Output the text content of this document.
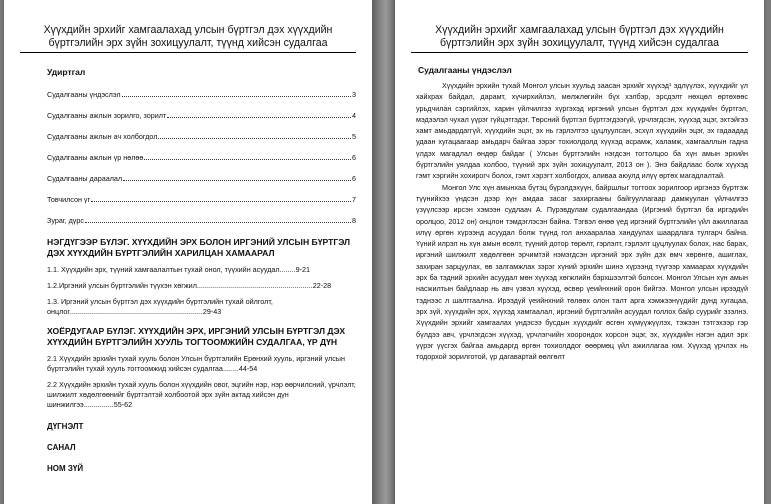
Хүүхдийн эрхийг хамгаалахад улсын бүртгэл дэх хүүхдийн
бүртгэлийн эрх зүйн зохицуулалт, түүнд хийсэн судалгаа
Удиртгал
Судалгааны үндэслэл	3
Судалгааны ажлын зорилго, зорилт	4
Судалгааны ажлын ач холбогдол	5
Судалгааны ажлын үр нөлөө	6
Судалгааны дараалал	6
Товчилсон үг	7
Зураг, дүрс	8
НЭГДҮГЭЭР БҮЛЭГ. ХҮҮХДИЙН ЭРХ БОЛОН ИРГЭНИЙ УЛСЫН БҮРТГЭЛ ДЭХ ХҮҮХДИЙН БҮРТГЭЛИЙН ХАРИЛЦАН ХАМААРАЛ
1.1. Хүүхдийн эрх, түүний хамгаалалтын тухай онол, түүхийн асуудал........9-21
1.2.Иргэний улсын бүртгэлийн түүхэн хөгжил..........................................................22-28
1.3. Иргэний улсын бүртгэл дэх хүүхдийн бүртгэлийн тухай ойлголт, онцлог...................................................................29-43
ХОЁРДУГААР БҮЛЭГ. ХҮҮХДИЙН ЭРХ, ИРГЭНИЙ УЛСЫН БҮРТГЭЛ ДЭХ ХҮҮХДИЙН БҮРТГЭЛИЙН ХУУЛЬ ТОГТООМЖИЙН СУДАЛГАА, ҮР ДҮН
2.1 Хүүхдийн эрхийн тухай хууль болон Улсын бүртгэлийн Ерөнхий хууль, иргэний улсын бүртгэлийн тухай хууль тогтоомжид хийсэн судалгаа........44-54
2.2 Хүүхдийн эрхийн тухай хууль болон хүүхдийн овог, эцгийн нэр, нэр өөрчилсний, үрчлэлт, шилжилт хөдөлгөөнийг бүртгэлтэй холбоотой эрх зүйн актад хийсэн дүн шинжилгээ...............55-62
ДҮГНЭЛТ
САНАЛ
НОМ ЗҮЙ
Хүүхдийн эрхийг хамгаалахад улсын бүртгэл дэх хүүхдийн
бүртгэлийн эрх зүйн зохицуулалт, түүнд хийсэн судалгаа
Судалгааны үндэслэл

Хүүхдийн эрхийн тухай Монгол улсын хуульд заасан эрхийг хүүхэд¹ эдлүүлэх, хүүхдийг үл хайхрах байдал, дарамт, хүчирхийлэл, мөлжлөгийн бүх хэлбэр, эрсдэлт нөхцөл өртөхөөс урьдчилан сэргийлэх, харин үйлчилгээ хүргэхэд иргэний улсын бүртгэл дэх хүүхдийн бүртгэл, мэдээлэл чухал үүрэг гүйцэтгэдэг. Төрсний бүртгэл бүртгэгдээгүй, үрчлэгдсэн, хүүхэд эцэг, эхтэйгээ хамт амьдардаггүй, хүүхдийн эцэг, эх нь гэрлэлтээ цуцлуулсан, эсхүл хүүхдийн эцэг, эх гадаадад удаан хугацаагаар амьдарч байгаа зэрэг тохиолдолд хүүхэд асрамж, халамж, хамгааллын гадна үлдэх магадлал өндөр байдаг ( Улсын бүртгэлийн нэгдсэн тогтолцоо ба хүн амын эрхийн бүртгэлийн уялдаа холбоо, түүний эрх зүйн зохицуулалт, 2013 он ). Энэ байдлаас болж хүүхэд гэмт хэргийн хохирогч болох, гэмт хэрэгт холбогдох, аливаа аюулд илүү өртөх магадлалтай.

Монгол Улс хүн амынхаа бүтэц бүрэлдэхүүн, байршлыг тогтоох зорилгоор иргэнээ бүртгэж түүнийхээ үндсэн дээр хүн амдаа засаг захиргааны байгууллагаар дамжуулан үйлчилгээ үзүүлсээр ирсэн хэмээн судлаач А. Пүрэвдулам судалгаандаа (Иргэний бүртгэл ба иргэдийн оролцоо, 2012 он) онцлон тэмдэглэсэн байна. Тэгвэл өнөө үед иргэний бүртгэлийн үйл ажиллагаа илүү өргөн хүрээнд асуудал болж түүнд гол анхааралаа хандуулах шаардлага тулгарч байна. Үүний илрэл нь хүн амын өсөлт, түүний дотор төрөлт, гэрлэлт, гэрлэлт цуцлуулах болох, нас барах, иргэний шилжилт хөдөлгөөн эрчимтэй нэмэгдсэн иргэний эрх зүйн дэх өмч хөрөнгө, ашиглах, захиран зарцуулах, өв залгамжлах зэрэг хүний эрхийн шинэ хүрээнд түүгээр хамаарах хүүхдийн эрх ба тэдний эрхийн асуудал мөн хүүхэд хөгжлийн бэрхшээлтэй болсон. Монгол Улсын хүн амын насжилтын байдлаар нь авч үзвэл хүүхэд, өсвөр үеийнхний орон бийгээ. Монгол улсын ирээдүй тэднээс л шалтгаална. Ирээдүй үеийнхний төлөөх олон талт арга хэмжээнүүдийг дунд хугацаа, эрх зүй, хүүхдийн эрх, хүүхэд хамгаалал, иргэний бүртгэлийн асуудал голлох байр суурийг эзэлнэ. Хүүхдийн эрхийг хамгаалах үндэсээ бусдын хүүхдийг өсгөн хүмүүжүүлэх, тэжээн тэтгэхээр гэр бүлдээ авч, үрчлэгдсэн хүүхэд, үрчлэгчийн хоорондох хорсон эцэг, эх, хүүхдийн нэгэн адил эрх үүрэг үүсгэх байгаа амьдаргд өргөн тохиолддог өөөрмөц үйл ажиллагаа юм. Хүүхэд үрчлэх нь тодорхой зорилготой, үр дагавартай өөлгөлт
